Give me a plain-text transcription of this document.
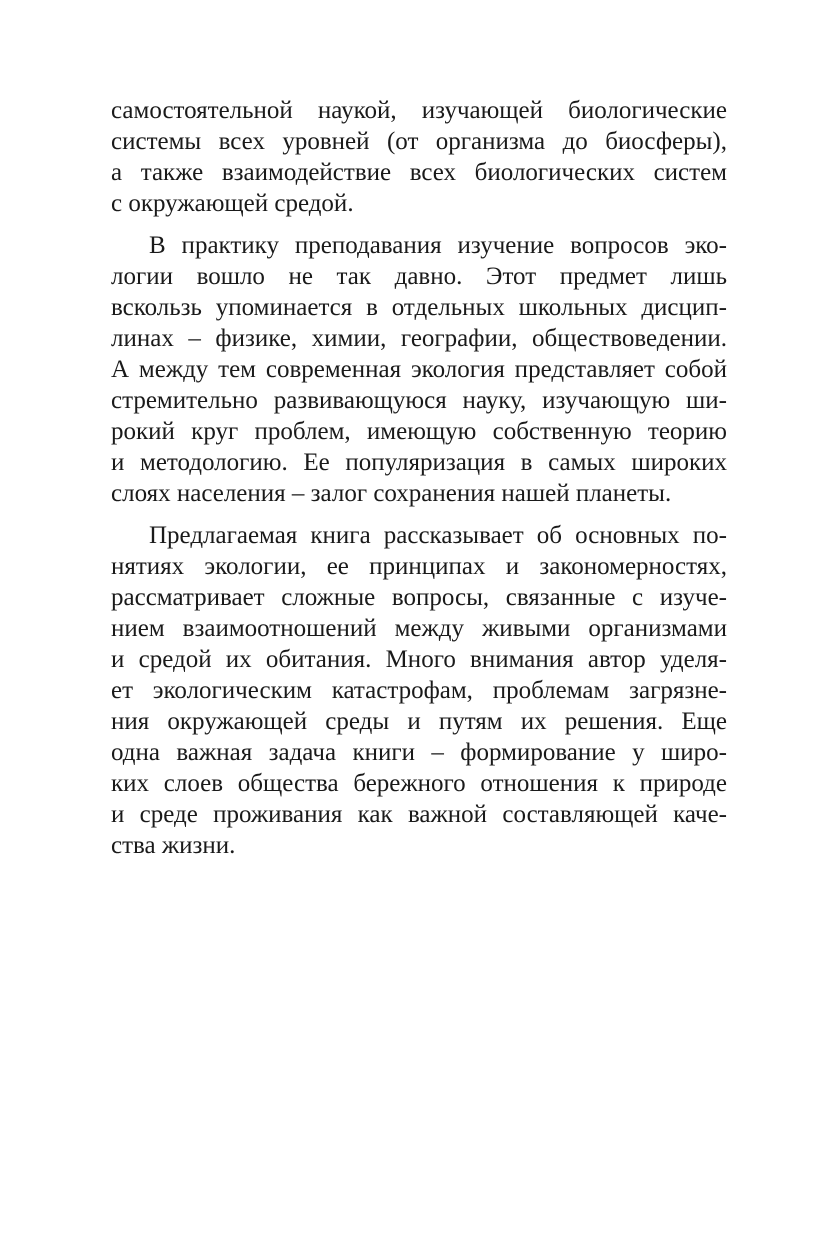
самостоятельной наукой, изучающей биологические
системы всех уровней (от организма до биосферы),
а также взаимодействие всех биологических систем
с окружающей средой.
В практику преподавания изучение вопросов эко-
логии вошло не так давно. Этот предмет лишь
вскользь упоминается в отдельных школьных дисцип-
линах – физике, химии, географии, обществоведении.
А между тем современная экология представляет собой
стремительно развивающуюся науку, изучающую ши-
рокий круг проблем, имеющую собственную теорию
и методологию. Ее популяризация в самых широких
слоях населения – залог сохранения нашей планеты.
Предлагаемая книга рассказывает об основных по-
нятиях экологии, ее принципах и закономерностях,
рассматривает сложные вопросы, связанные с изуче-
нием взаимоотношений между живыми организмами
и средой их обитания. Много внимания автор уделя-
ет экологическим катастрофам, проблемам загрязне-
ния окружающей среды и путям их решения. Еще
одна важная задача книги – формирование у широ-
ких слоев общества бережного отношения к природе
и среде проживания как важной составляющей каче-
ства жизни.
